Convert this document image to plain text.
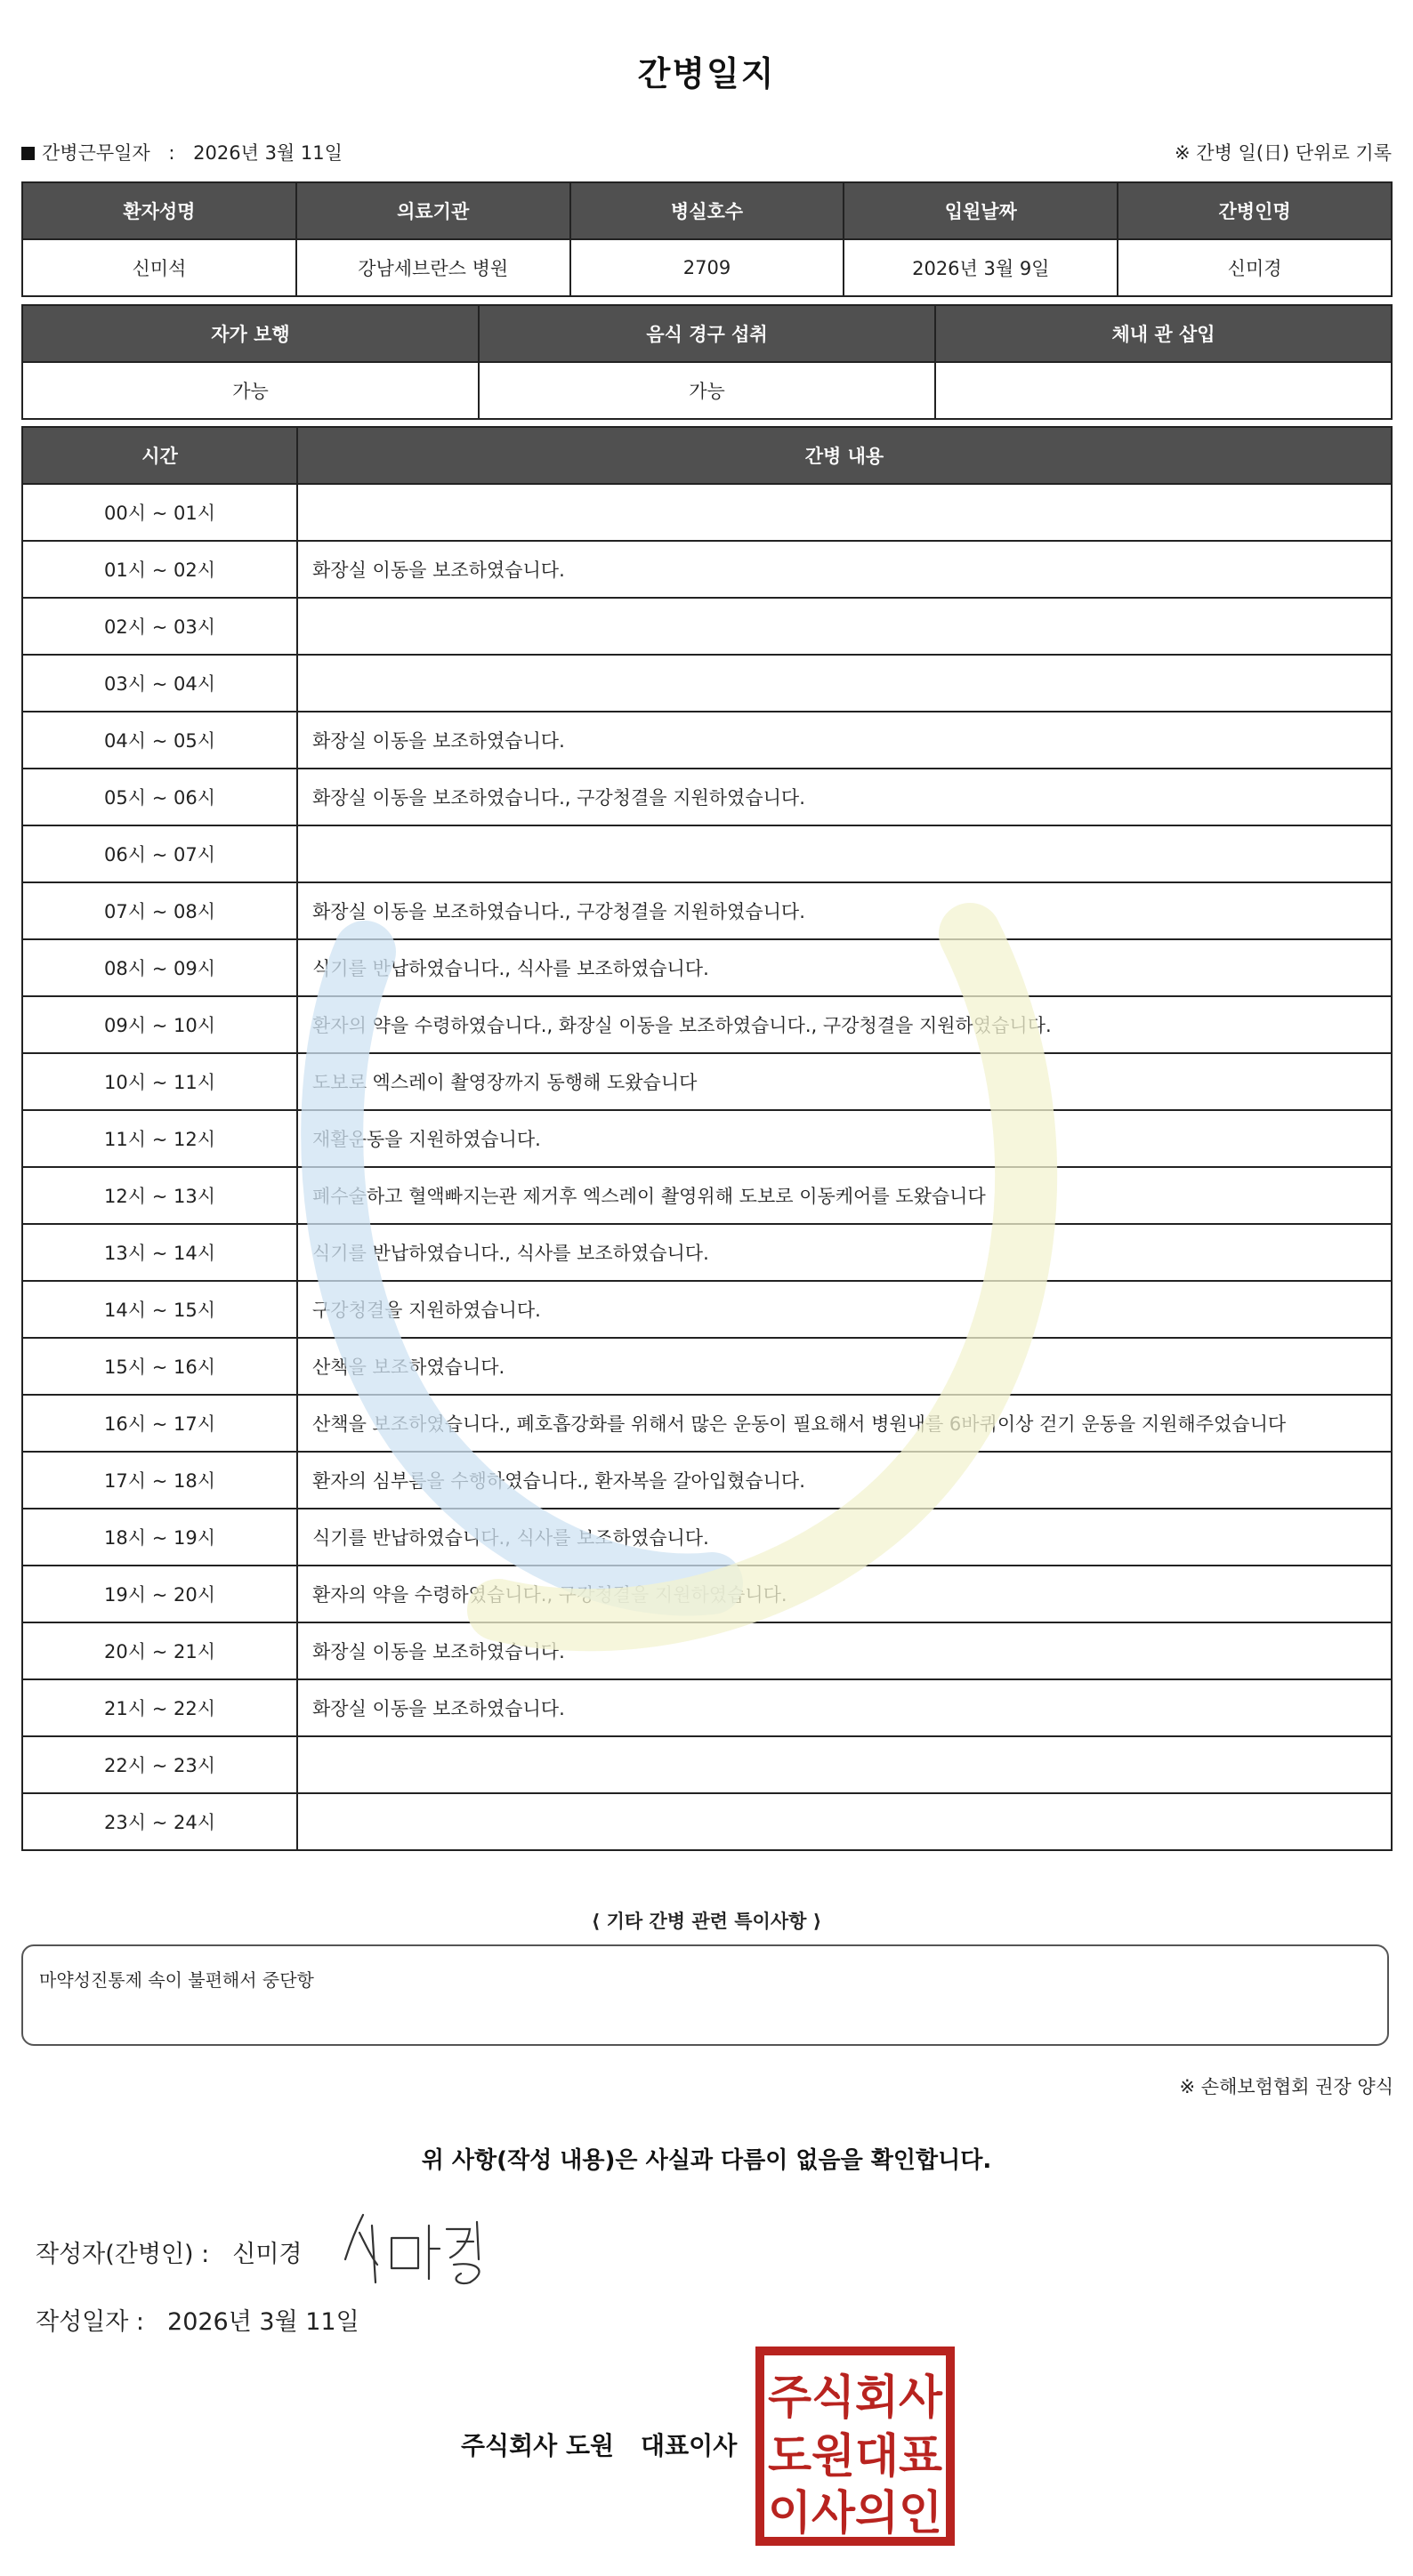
간병일지
간병근무일자 : 2026년 3월 11일	※ 간병 일(日) 단위로 기록
환자성명	의료기관	병실호수	입원날짜	간병인명
신미석	강남세브란스 병원	2709	2026년 3월 9일	신미경
자가 보행	음식 경구 섭취	체내 관 삽입
가능	가능	
시간	간병 내용
00시 ~ 01시	
01시 ~ 02시	화장실 이동을 보조하였습니다.
02시 ~ 03시	
03시 ~ 04시	
04시 ~ 05시	화장실 이동을 보조하였습니다.
05시 ~ 06시	화장실 이동을 보조하였습니다., 구강청결을 지원하였습니다.
06시 ~ 07시	
07시 ~ 08시	화장실 이동을 보조하였습니다., 구강청결을 지원하였습니다.
08시 ~ 09시	식기를 반납하였습니다., 식사를 보조하였습니다.
09시 ~ 10시	환자의 약을 수령하였습니다., 화장실 이동을 보조하였습니다., 구강청결을 지원하였습니다.
10시 ~ 11시	도보로 엑스레이 촬영장까지 동행해 도왔습니다
11시 ~ 12시	재활운동을 지원하였습니다.
12시 ~ 13시	폐수술하고 혈액빠지는관 제거후 엑스레이 촬영위해 도보로 이동케어를 도왔습니다
13시 ~ 14시	식기를 반납하였습니다., 식사를 보조하였습니다.
14시 ~ 15시	구강청결을 지원하였습니다.
15시 ~ 16시	산책을 보조하였습니다.
16시 ~ 17시	산책을 보조하였습니다., 폐호흡강화를 위해서 많은 운동이 필요해서 병원내를 6바퀴이상 걷기 운동을 지원해주었습니다
17시 ~ 18시	환자의 심부름을 수행하였습니다., 환자복을 갈아입혔습니다.
18시 ~ 19시	식기를 반납하였습니다., 식사를 보조하였습니다.
19시 ~ 20시	환자의 약을 수령하였습니다., 구강청결을 지원하였습니다.
20시 ~ 21시	화장실 이동을 보조하였습니다.
21시 ~ 22시	화장실 이동을 보조하였습니다.
22시 ~ 23시	
23시 ~ 24시	
⟨ 기타 간병 관련 특이사항 ⟩
마약성진통제 속이 불편해서 중단항
※ 손해보험협회 권장 양식
위 사항(작성 내용)은 사실과 다름이 없음을 확인합니다.
작성자(간병인) : 신미경
작성일자 : 2026년 3월 11일
주식회사 도원 대표이사
주식회사
도원대표
이사의인
